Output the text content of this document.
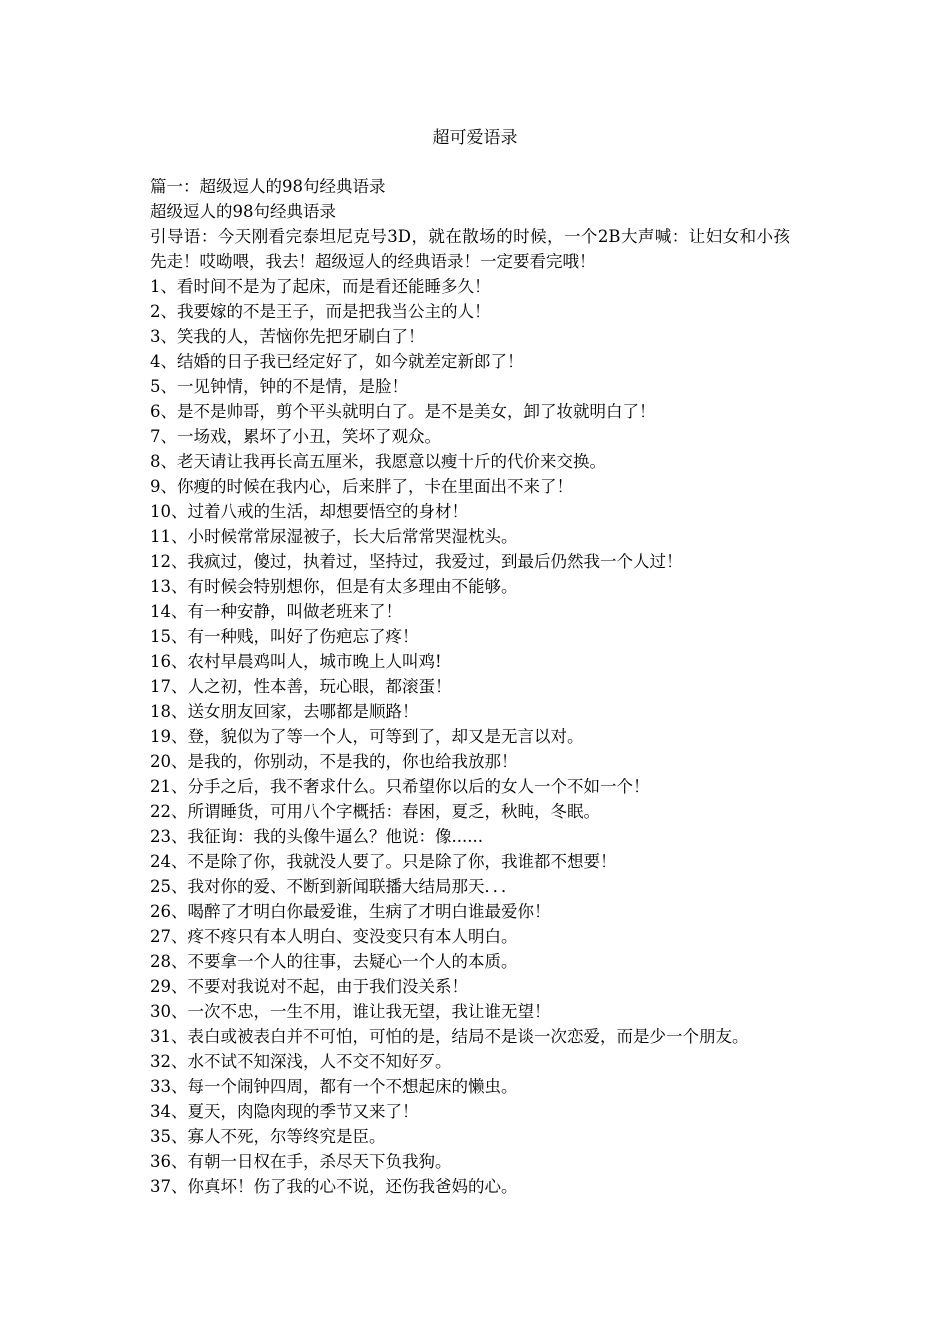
超可爱语录

篇一：超级逗人的98句经典语录

超级逗人的98句经典语录

引导语：今天刚看完泰坦尼克号3D，就在散场的时候，一个2B大声喊：让妇女和小孩先走！哎呦喂，我去！超级逗人的经典语录！一定要看完哦！

1、看时间不是为了起床，而是看还能睡多久！

2、我要嫁的不是王子，而是把我当公主的人！

3、笑我的人，苦恼你先把牙刷白了！

4、结婚的日子我已经定好了，如今就差定新郎了！

5、一见钟情，钟的不是情，是脸！

6、是不是帅哥，剪个平头就明白了。是不是美女，卸了妆就明白了！

7、一场戏，累坏了小丑，笑坏了观众。

8、老天请让我再长高五厘米，我愿意以瘦十斤的代价来交换。

9、你瘦的时候在我内心，后来胖了，卡在里面出不来了！

10、过着八戒的生活，却想要悟空的身材！

11、小时候常常尿湿被子，长大后常常哭湿枕头。

12、我疯过，傻过，执着过，坚持过，我爱过，到最后仍然我一个人过！

13、有时候会特别想你，但是有太多理由不能够。

14、有一种安静，叫做老班来了！

15、有一种贱，叫好了伤疤忘了疼！

16、农村早晨鸡叫人，城市晚上人叫鸡!

17、人之初，性本善，玩心眼，都滚蛋！

18、送女朋友回家，去哪都是顺路！

19、登，貌似为了等一个人，可等到了，却又是无言以对。

20、是我的，你别动，不是我的，你也给我放那！

21、分手之后，我不奢求什么。只希望你以后的女人一个不如一个！

22、所谓睡货，可用八个字概括：春困，夏乏，秋盹，冬眠。

23、我征询：我的头像牛逼么？他说：像......

24、不是除了你，我就没人要了。只是除了你，我谁都不想要！

25、我对你的爱、不断到新闻联播大结局那天．．．

26、喝醉了才明白你最爱谁，生病了才明白谁最爱你！

27、疼不疼只有本人明白、变没变只有本人明白。

28、不要拿一个人的往事，去疑心一个人的本质。

29、不要对我说对不起，由于我们没关系！

30、一次不忠，一生不用，谁让我无望，我让谁无望！

31、表白或被表白并不可怕，可怕的是，结局不是谈一次恋爱，而是少一个朋友。

32、水不试不知深浅，人不交不知好歹。

33、每一个闹钟四周，都有一个不想起床的懒虫。

34、夏天，肉隐肉现的季节又来了！

35、寡人不死，尔等终究是臣。

36、有朝一日权在手，杀尽天下负我狗。

37、你真坏！伤了我的心不说，还伤我爸妈的心。
